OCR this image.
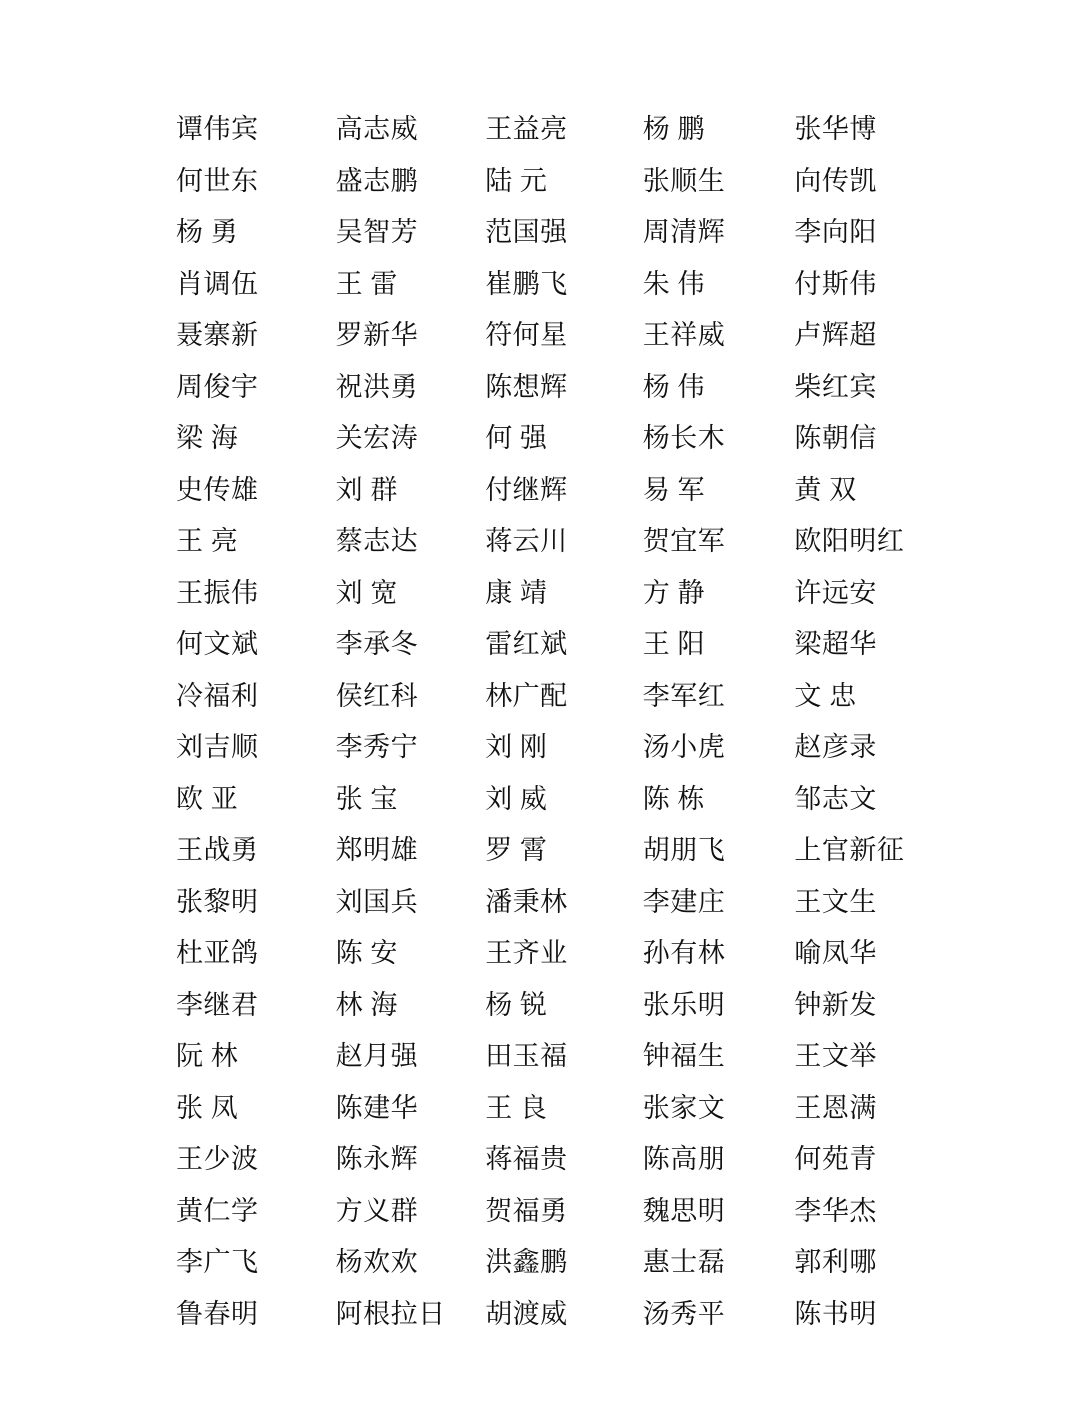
谭伟宾	高志威	王益亮	杨 鹏	张华博
何世东	盛志鹏	陆 元	张顺生	向传凯
杨 勇	吴智芳	范国强	周清辉	李向阳
肖调伍	王 雷	崔鹏飞	朱 伟	付斯伟
聂寨新	罗新华	符何星	王祥威	卢辉超
周俊宇	祝洪勇	陈想辉	杨 伟	柴红宾
梁 海	关宏涛	何 强	杨长木	陈朝信
史传雄	刘 群	付继辉	易 军	黄 双
王 亮	蔡志达	蒋云川	贺宜军	欧阳明红
王振伟	刘 宽	康 靖	方 静	许远安
何文斌	李承冬	雷红斌	王 阳	梁超华
冷福利	侯红科	林广配	李军红	文 忠
刘吉顺	李秀宁	刘 刚	汤小虎	赵彦录
欧 亚	张 宝	刘 威	陈 栋	邹志文
王战勇	郑明雄	罗 霄	胡朋飞	上官新征
张黎明	刘国兵	潘秉林	李建庄	王文生
杜亚鸽	陈 安	王齐业	孙有林	喻凤华
李继君	林 海	杨 锐	张乐明	钟新发
阮 林	赵月强	田玉福	钟福生	王文举
张 凤	陈建华	王 良	张家文	王恩满
王少波	陈永辉	蒋福贵	陈高朋	何苑青
黄仁学	方义群	贺福勇	魏思明	李华杰
李广飞	杨欢欢	洪鑫鹏	惠士磊	郭利哪
鲁春明	阿根拉日	胡渡威	汤秀平	陈书明
